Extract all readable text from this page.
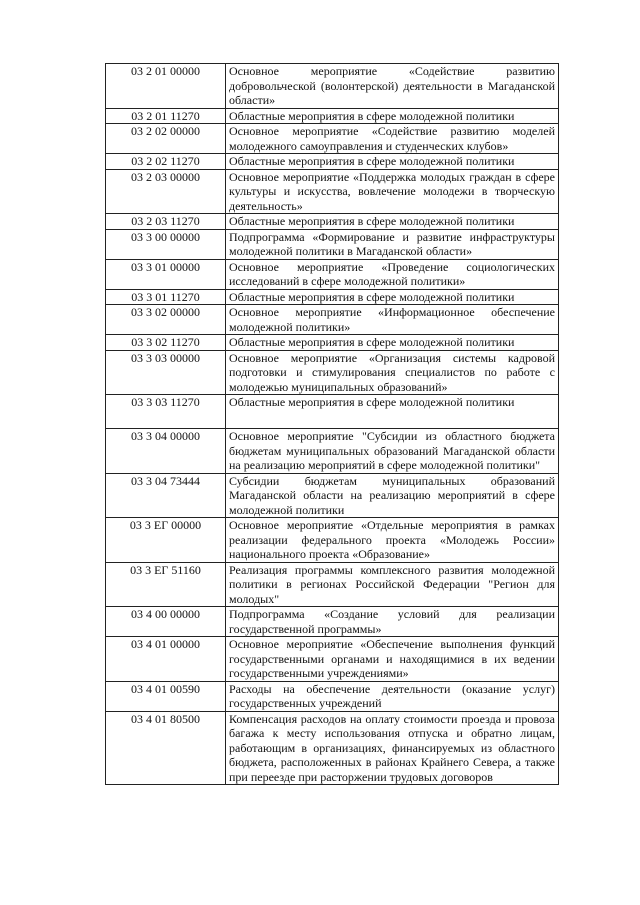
03 2 01 00000	Основное мероприятие «Содействие развитию добровольческой (волонтерской) деятельности в Магаданской области»
03 2 01 11270	Областные мероприятия в сфере молодежной политики
03 2 02 00000	Основное мероприятие «Содействие развитию моделей молодежного самоуправления и студенческих клубов»
03 2 02 11270	Областные мероприятия в сфере молодежной политики
03 2 03 00000	Основное мероприятие «Поддержка молодых граждан в сфере культуры и искусства, вовлечение молодежи в творческую деятельность»
03 2 03 11270	Областные мероприятия в сфере молодежной политики
03 3 00 00000	Подпрограмма «Формирование и развитие инфраструктуры молодежной политики в Магаданской области»
03 3 01 00000	Основное мероприятие «Проведение социологических исследований в сфере молодежной политики»
03 3 01 11270	Областные мероприятия в сфере молодежной политики
03 3 02 00000	Основное мероприятие «Информационное обеспечение молодежной политики»
03 3 02 11270	Областные мероприятия в сфере молодежной политики
03 3 03 00000	Основное мероприятие «Организация системы кадровой подготовки и стимулирования специалистов по работе с молодежью муниципальных образований»
03 3 03 11270	Областные мероприятия в сфере молодежной политики
03 3 04 00000	Основное мероприятие "Субсидии из областного бюджета бюджетам муниципальных образований Магаданской области на реализацию мероприятий в сфере молодежной политики"
03 3 04 73444	Субсидии бюджетам муниципальных образований Магаданской области на реализацию мероприятий в сфере молодежной политики
03 3 ЕГ 00000	Основное мероприятие «Отдельные мероприятия в рамках реализации федерального проекта «Молодежь России» национального проекта «Образование»
03 3 ЕГ 51160	Реализация программы комплексного развития молодежной политики в регионах Российской Федерации "Регион для молодых"
03 4 00 00000	Подпрограмма «Создание условий для реализации государственной программы»
03 4 01 00000	Основное мероприятие «Обеспечение выполнения функций государственными органами и находящимися в их ведении государственными учреждениями»
03 4 01 00590	Расходы на обеспечение деятельности (оказание услуг) государственных учреждений
03 4 01 80500	Компенсация расходов на оплату стоимости проезда и провоза багажа к месту использования отпуска и обратно лицам, работающим в организациях, финансируемых из областного бюджета, расположенных в районах Крайнего Севера, а также при переезде при расторжении трудовых договоров
